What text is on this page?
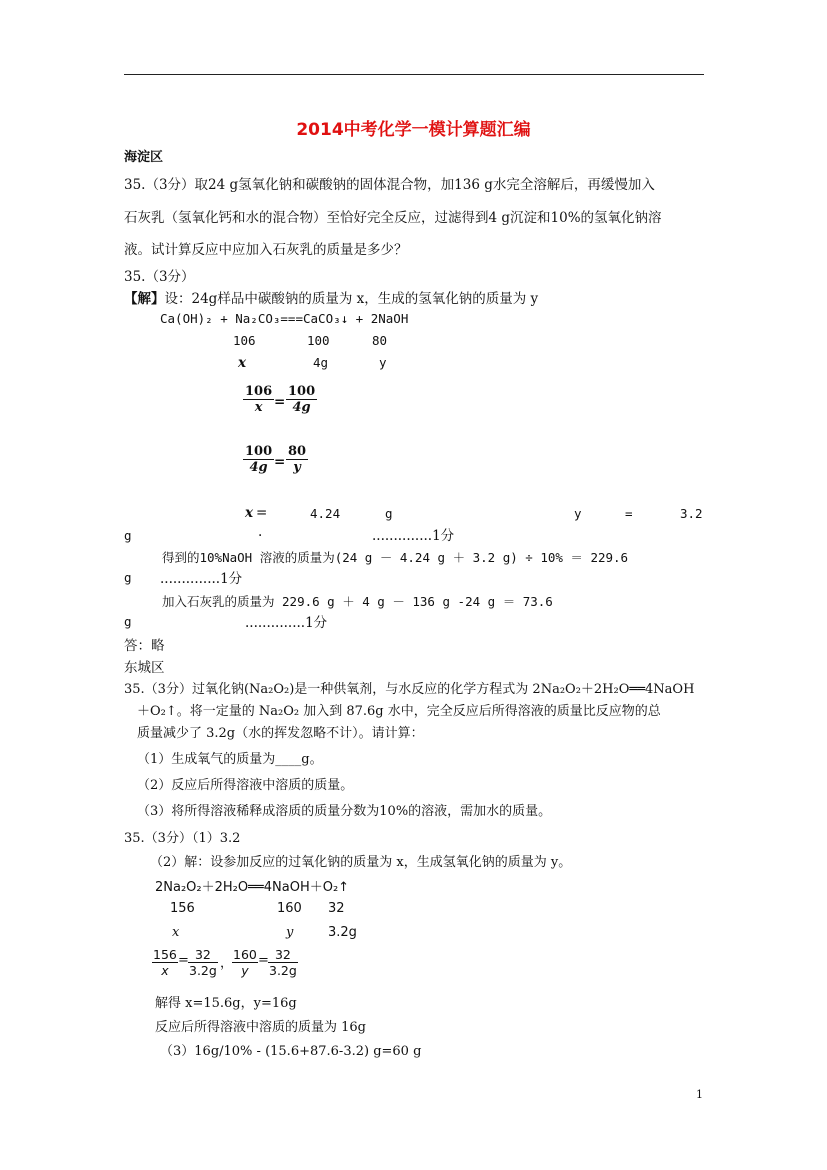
2014中考化学一模计算题汇编
海淀区
35.（3分）取24 g氢氧化钠和碳酸钠的固体混合物，加136 g水完全溶解后，再缓慢加入
石灰乳（氢氧化钙和水的混合物）至恰好完全反应，过滤得到4 g沉淀和10%的氢氧化钠溶
液。试计算反应中应加入石灰乳的质量是多少？
35.（3分）
【解】设：24g样品中碳酸钠的质量为 x，生成的氢氧化钠的质量为 y
Ca(OH)₂ + Na₂CO₃===CaCO₃↓ + 2NaOH
106	100	80
x	4g	y
$\frac{106}{x} = \frac{100}{4g}$
$\frac{100}{4g} = \frac{80}{y}$
x =	4.24	g	y	=	3.2
g	.	..............1分
得到的10%NaOH 溶液的质量为(24 g － 4.24 g ＋ 3.2 g) ÷ 10% ＝ 229.6
g ..............1分
加入石灰乳的质量为 229.6 g ＋ 4 g － 136 g -24 g ＝ 73.6
g	..............1分
答：略
东城区
35.（3分）过氧化钠(Na₂O₂)是一种供氧剂，与水反应的化学方程式为 2Na₂O₂＋2H₂O══4NaOH
＋O₂↑。将一定量的 Na₂O₂ 加入到 87.6g 水中，完全反应后所得溶液的质量比反应物的总
质量减少了 3.2g（水的挥发忽略不计）。请计算：
（1）生成氧气的质量为____g。
（2）反应后所得溶液中溶质的质量。
（3）将所得溶液稀释成溶质的质量分数为10%的溶液，需加水的质量。
35.（3分）（1）3.2
（2）解：设参加反应的过氧化钠的质量为 x，生成氢氧化钠的质量为 y。
2Na₂O₂＋2H₂O══4NaOH＋O₂↑
156	160 32
x	y	3.2g
$\frac{156}{x} = \frac{32}{3.2g}$ ，
$\frac{160}{y} = \frac{32}{3.2g}$
解得 x=15.6g，y=16g
反应后所得溶液中溶质的质量为 16g
（3）16g/10% - (15.6+87.6-3.2) g=60 g
1
